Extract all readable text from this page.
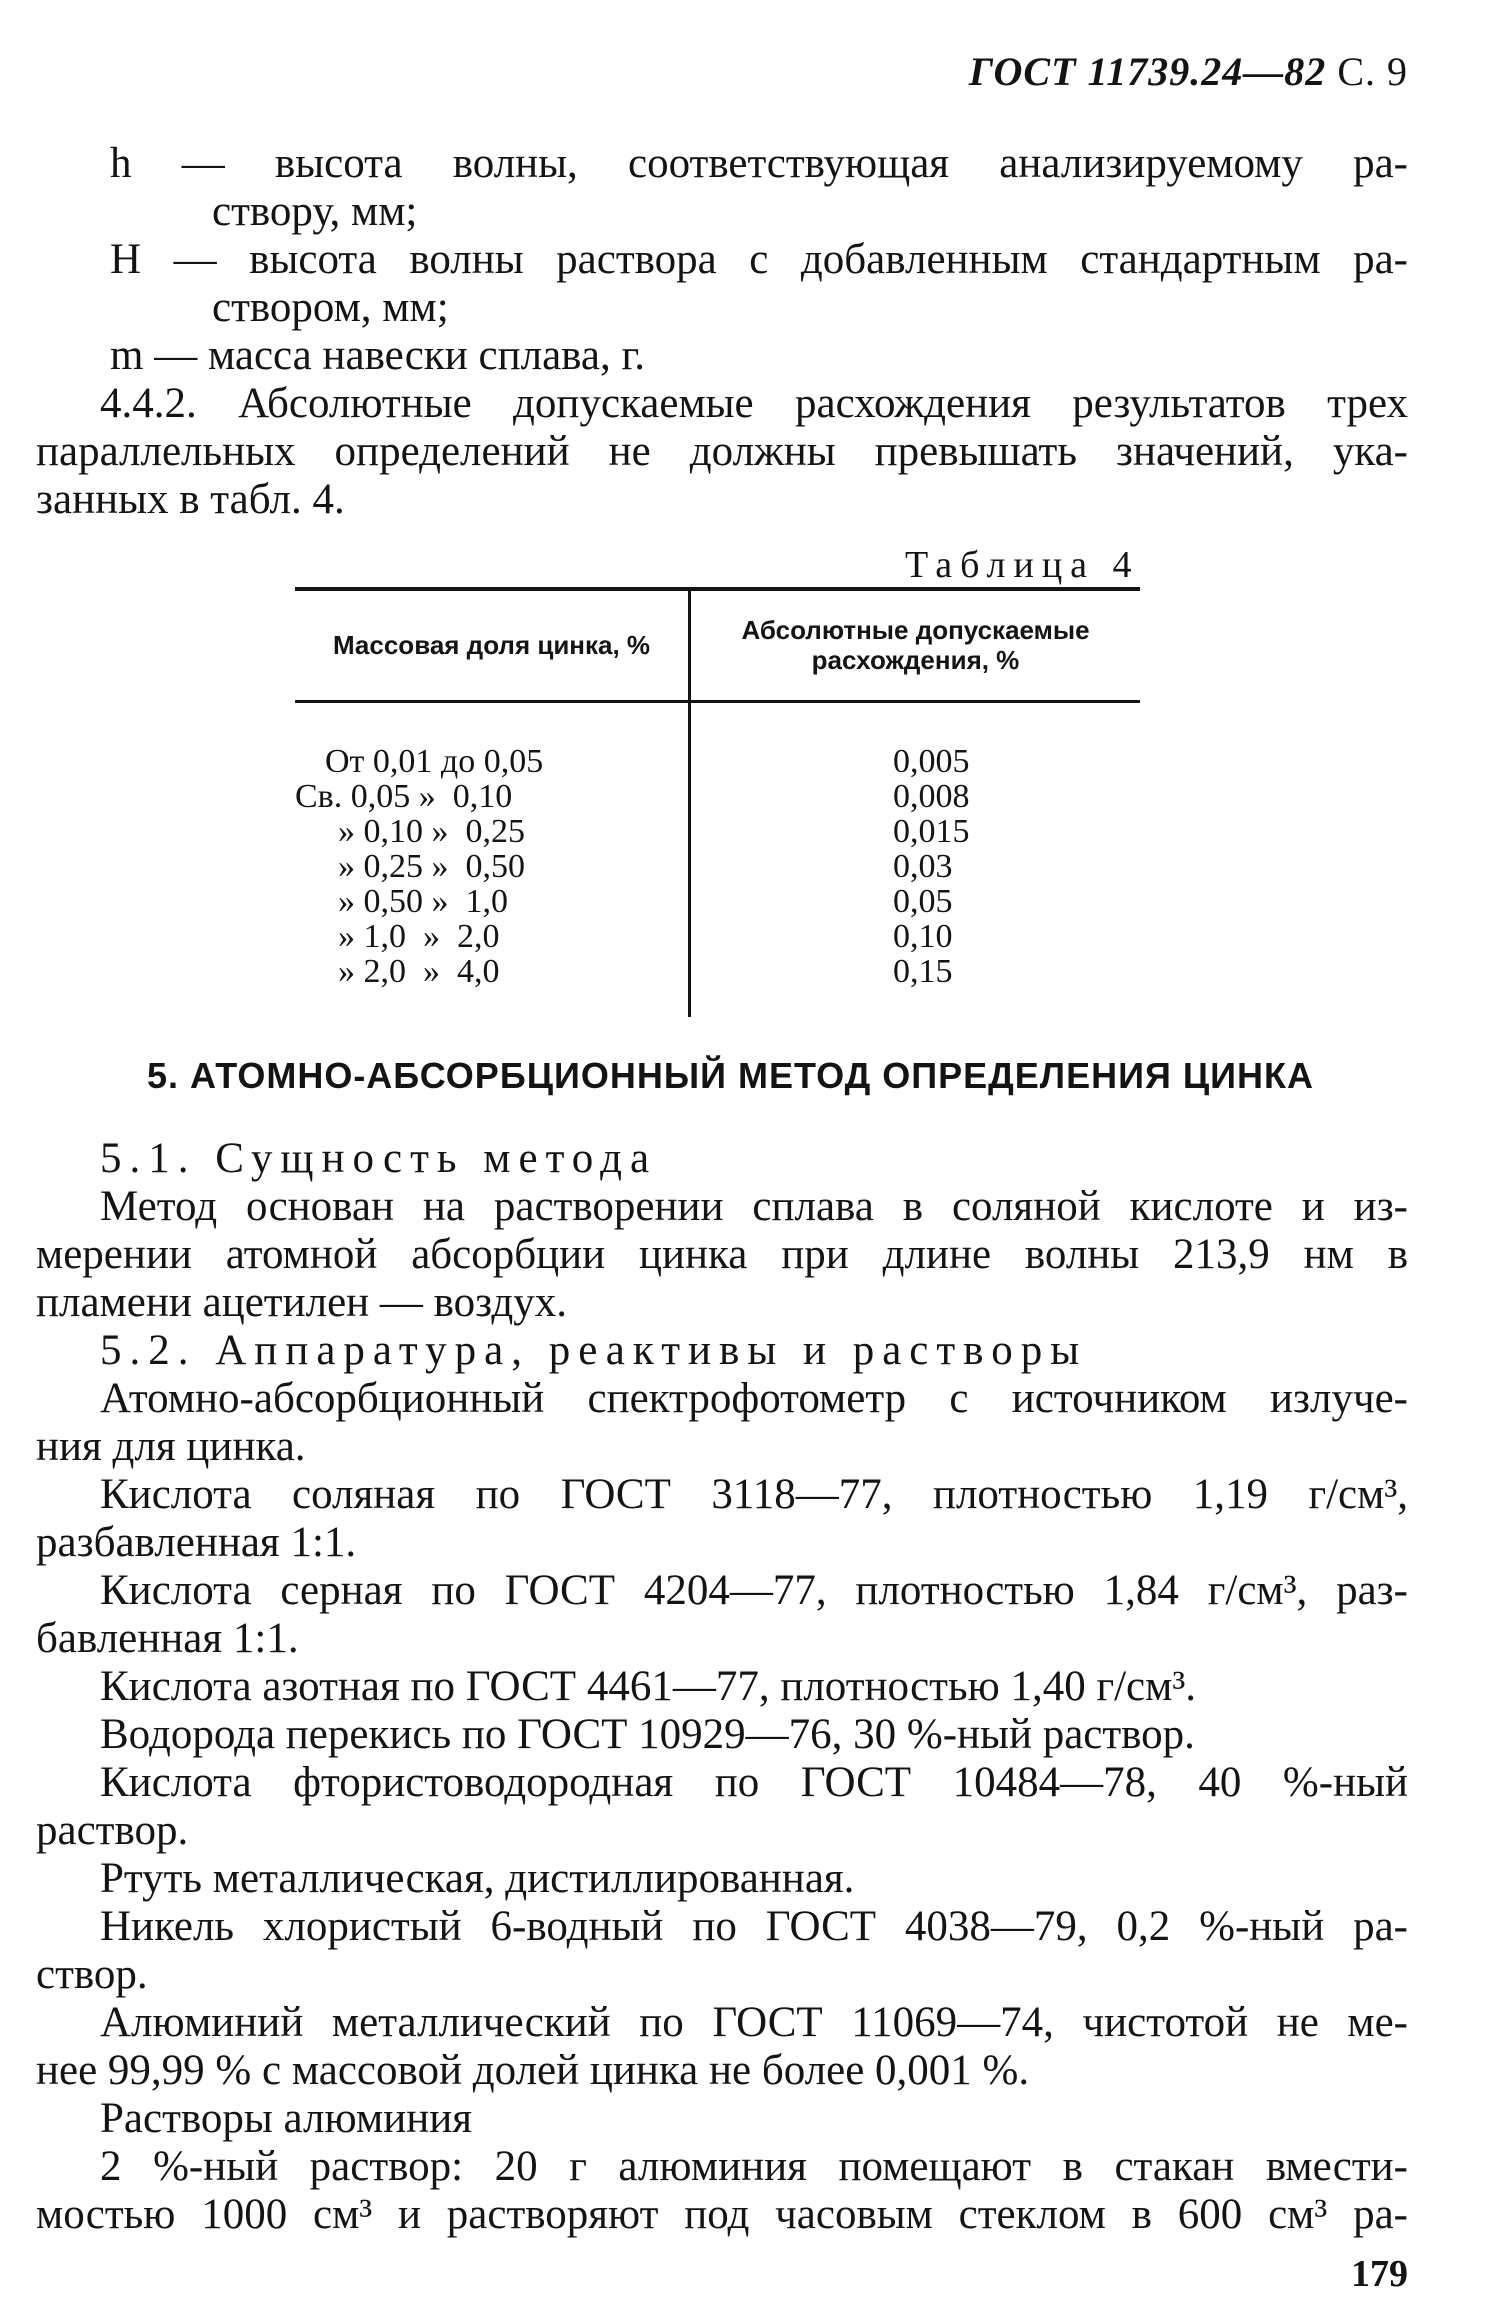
ГОСТ 11739.24—82 С. 9
h — высота волны, соответствующая анализируемому ра-
створу, мм;
H — высота волны раствора с добавленным стандартным ра-
створом, мм;
m — масса навески сплава, г.
4.4.2. Абсолютные допускаемые расхождения результатов трех
параллельных определений не должны превышать значений, ука-
занных в табл. 4.
Таблица 4
Массовая доля цинка, %	Абсолютные допускаемые
расхождения, %
От 0,01 до 0,05	0,005
Св. 0,05 »  0,10	0,008
» 0,10 »  0,25	0,015
» 0,25 »  0,50	0,03
» 0,50 »  1,0	0,05
» 1,0  »  2,0	0,10
» 2,0  »  4,0	0,15
5. АТОМНО-АБСОРБЦИОННЫЙ МЕТОД ОПРЕДЕЛЕНИЯ ЦИНКА
5.1. Сущность метода
Метод основан на растворении сплава в соляной кислоте и из-
мерении атомной абсорбции цинка при длине волны 213,9 нм в
пламени ацетилен — воздух.
5.2. Аппаратура, реактивы и растворы
Атомно-абсорбционный спектрофотометр с источником излуче-
ния для цинка.
Кислота соляная по ГОСТ 3118—77, плотностью 1,19 г/см³,
разбавленная 1:1.
Кислота серная по ГОСТ 4204—77, плотностью 1,84 г/см³, раз-
бавленная 1:1.
Кислота азотная по ГОСТ 4461—77, плотностью 1,40 г/см³.
Водорода перекись по ГОСТ 10929—76, 30 %-ный раствор.
Кислота фтористоводородная по ГОСТ 10484—78, 40 %-ный
раствор.
Ртуть металлическая, дистиллированная.
Никель хлористый 6-водный по ГОСТ 4038—79, 0,2 %-ный ра-
створ.
Алюминий металлический по ГОСТ 11069—74, чистотой не ме-
нее 99,99 % с массовой долей цинка не более 0,001 %.
Растворы алюминия
2 %-ный раствор: 20 г алюминия помещают в стакан вмести-
мостью 1000 см³ и растворяют под часовым стеклом в 600 см³ ра-
179
